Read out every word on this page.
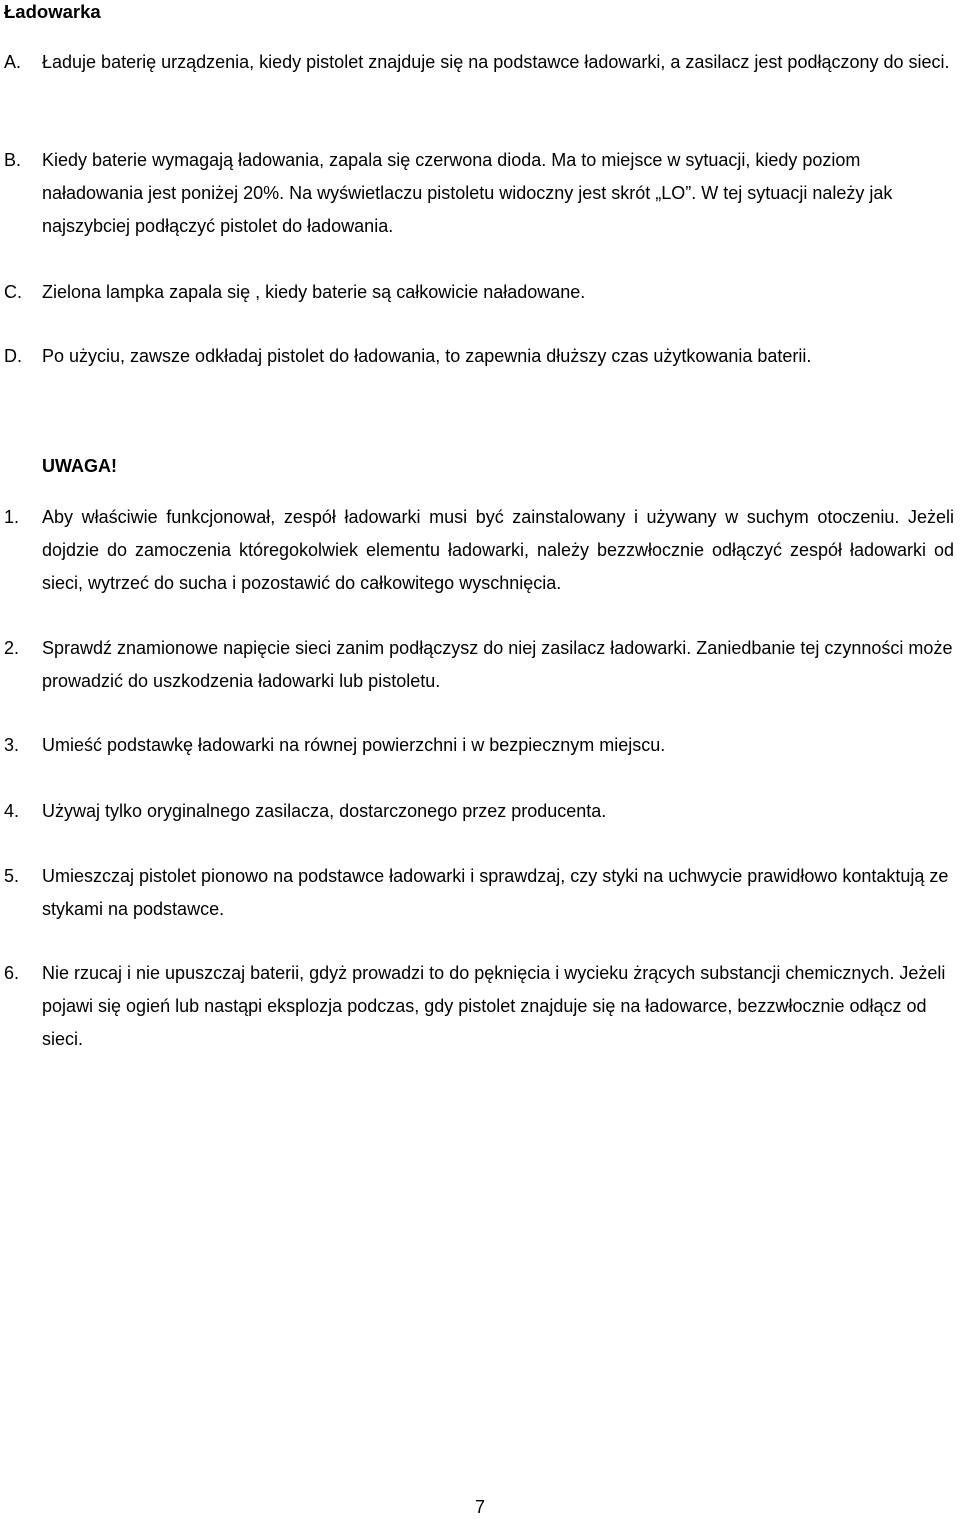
Ładowarka
A. Ładuje baterię urządzenia, kiedy pistolet znajduje się na podstawce ładowarki, a zasilacz jest podłączony do sieci.
B. Kiedy baterie wymagają ładowania, zapala się czerwona dioda. Ma to miejsce w sytuacji, kiedy poziom naładowania jest poniżej 20%. Na wyświetlaczu pistoletu widoczny jest skrót „LO”. W tej sytuacji należy jak najszybciej podłączyć pistolet do ładowania.
C. Zielona lampka zapala się , kiedy baterie są całkowicie naładowane.
D. Po użyciu, zawsze odkładaj pistolet do ładowania, to zapewnia dłuższy czas użytkowania baterii.
UWAGA!
1. Aby właściwie funkcjonował, zespół ładowarki musi być zainstalowany i używany w suchym otoczeniu. Jeżeli dojdzie do zamoczenia któregokolwiek elementu ładowarki, należy bezzwłocznie odłączyć zespół ładowarki od sieci, wytrzeć do sucha i pozostawić do całkowitego wyschnięcia.
2. Sprawdź znamionowe napięcie sieci zanim podłączysz do niej zasilacz ładowarki. Zaniedbanie tej czynności może prowadzić do uszkodzenia ładowarki lub pistoletu.
3. Umieść podstawkę ładowarki na równej powierzchni i w bezpiecznym miejscu.
4. Używaj tylko oryginalnego zasilacza, dostarczonego przez producenta.
5. Umieszczaj pistolet pionowo na podstawce ładowarki i sprawdzaj, czy styki na uchwycie prawidłowo kontaktują ze stykami na podstawce.
6. Nie rzucaj i nie upuszczaj baterii, gdyż prowadzi to do pęknięcia i wycieku żrących substancji chemicznych. Jeżeli pojawi się ogień lub nastąpi eksplozja podczas, gdy pistolet znajduje się na ładowarce, bezzwłocznie odłącz od sieci.
7
